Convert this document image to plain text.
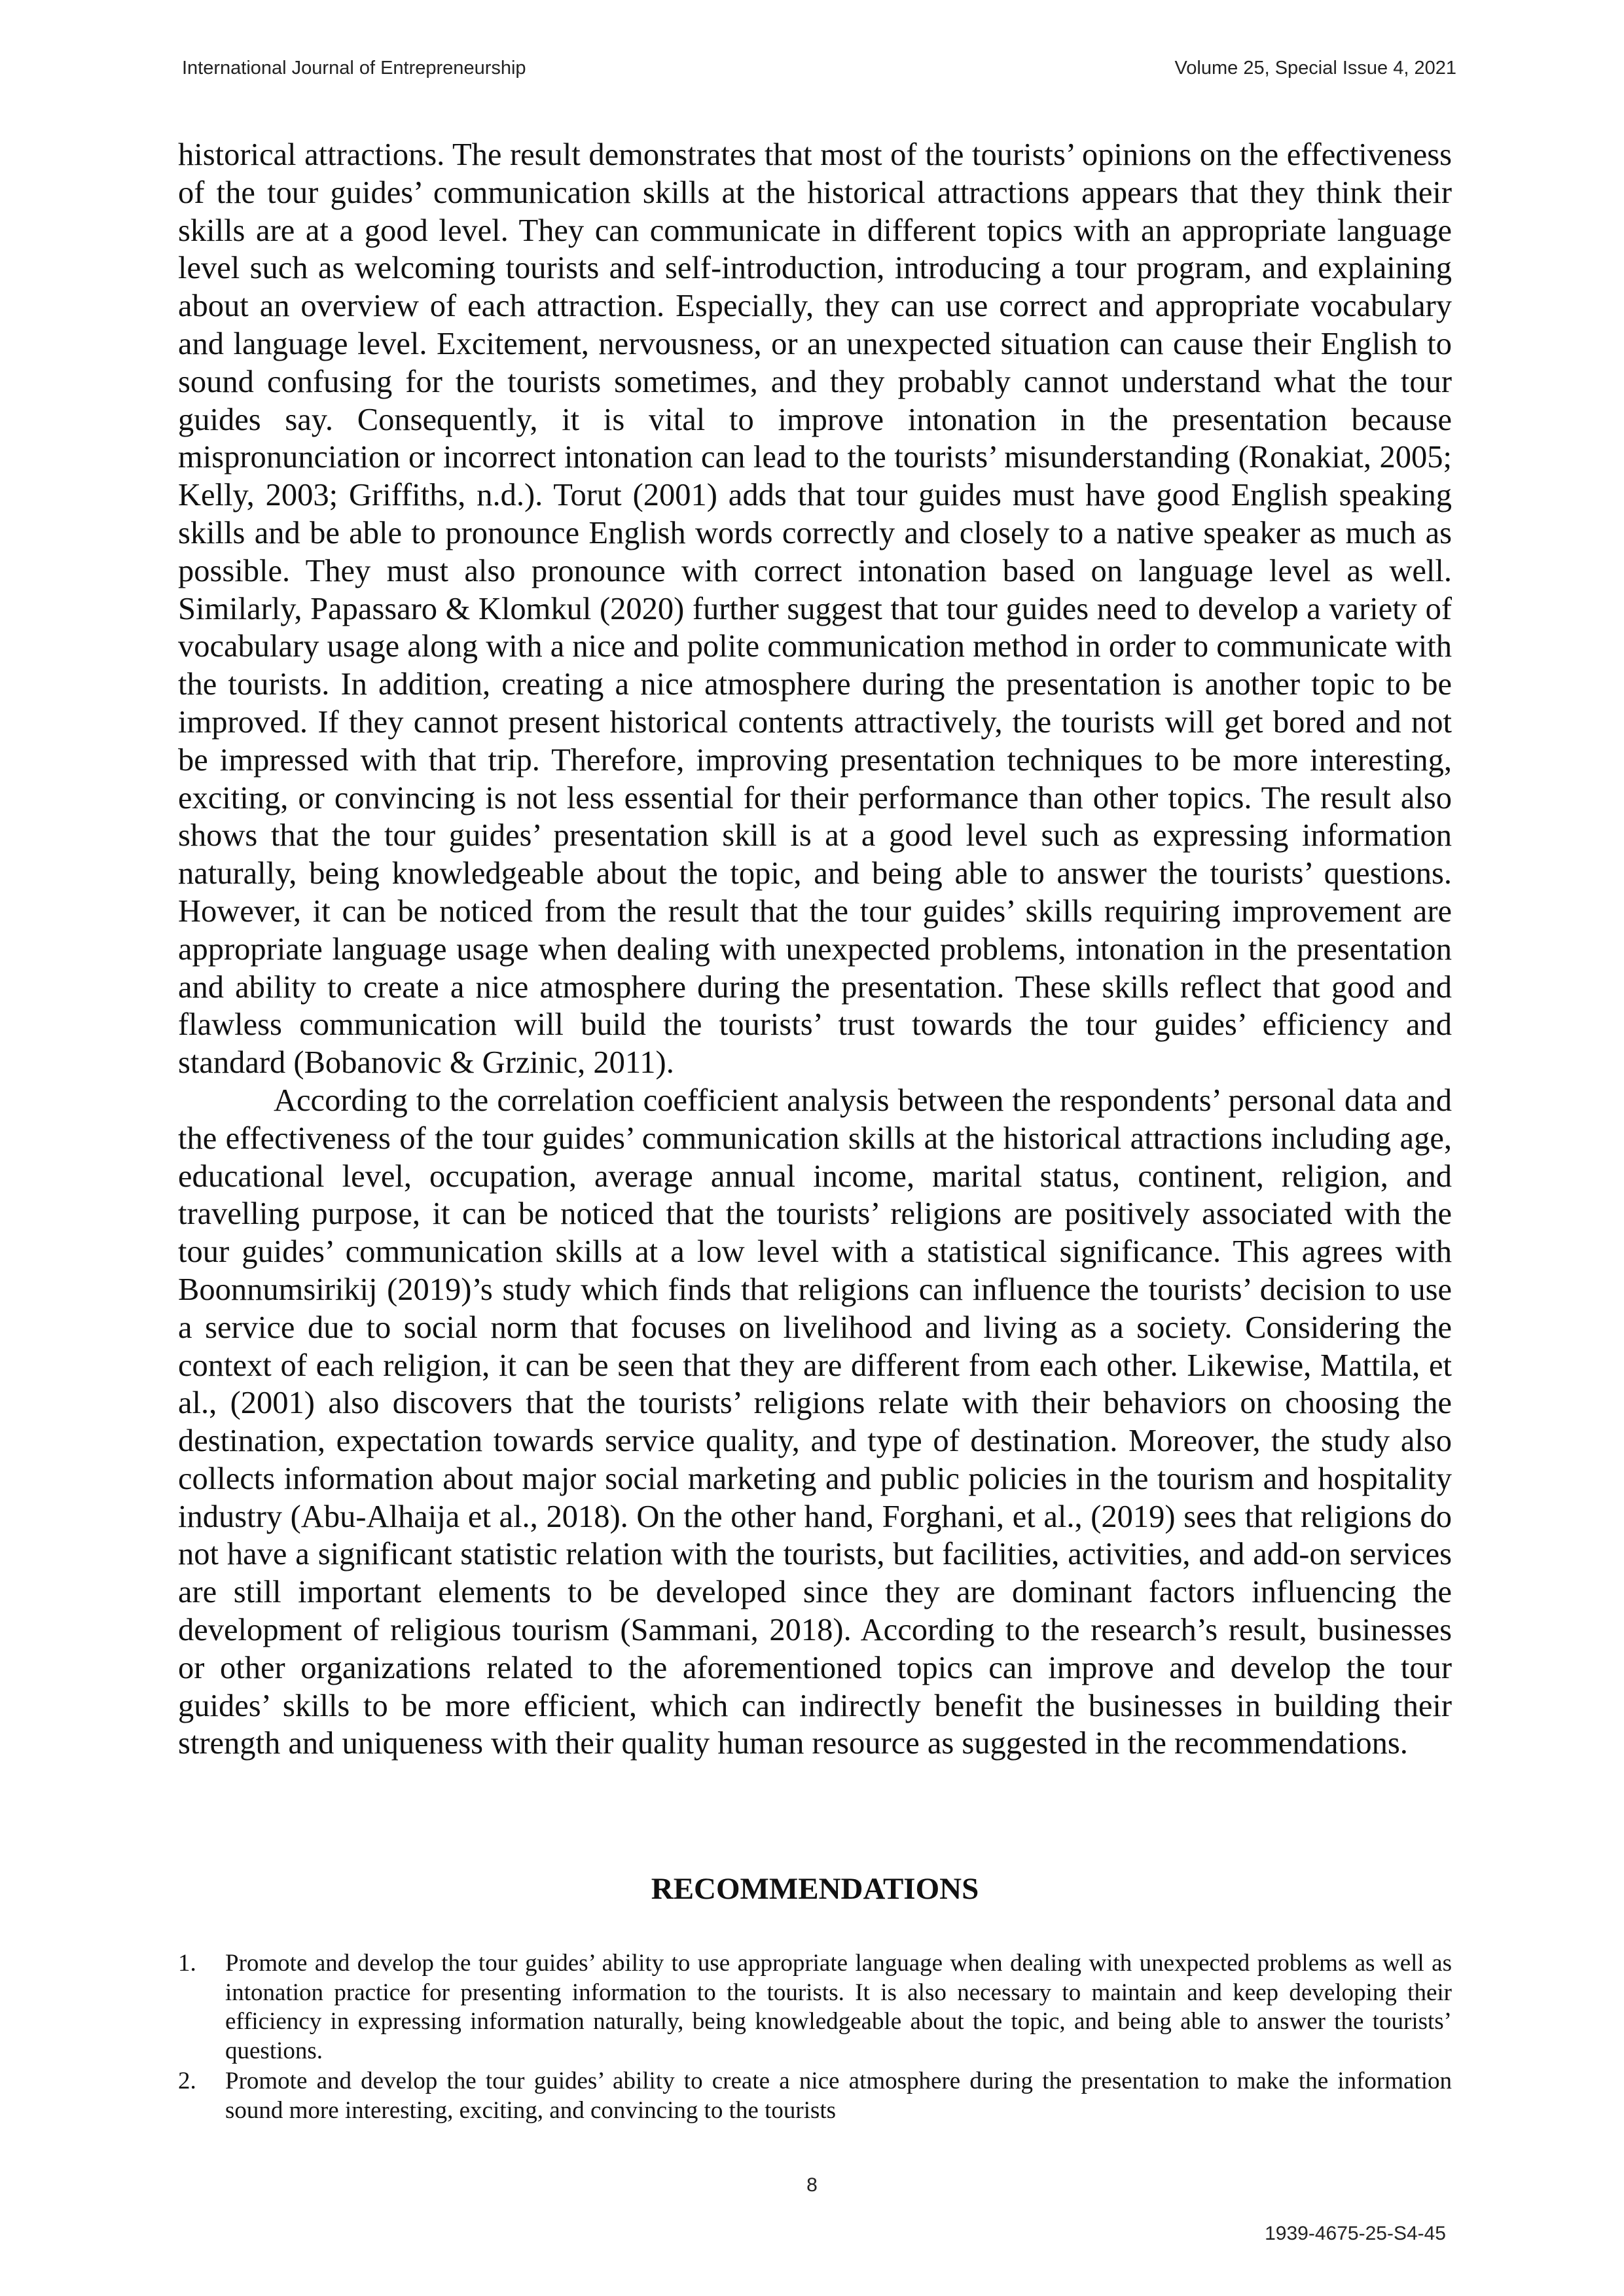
International Journal of Entrepreneurship	Volume 25, Special Issue 4, 2021

historical attractions. The result demonstrates that most of the tourists’ opinions on the effectiveness of the tour guides’ communication skills at the historical attractions appears that they think their skills are at a good level. They can communicate in different topics with an appropriate language level such as welcoming tourists and self-introduction, introducing a tour program, and explaining about an overview of each attraction. Especially, they can use correct and appropriate vocabulary and language level. Excitement, nervousness, or an unexpected situation can cause their English to sound confusing for the tourists sometimes, and they probably cannot understand what the tour guides say. Consequently, it is vital to improve intonation in the presentation because mispronunciation or incorrect intonation can lead to the tourists’ misunderstanding (Ronakiat, 2005; Kelly, 2003; Griffiths, n.d.). Torut (2001) adds that tour guides must have good English speaking skills and be able to pronounce English words correctly and closely to a native speaker as much as possible. They must also pronounce with correct intonation based on language level as well. Similarly, Papassaro & Klomkul (2020) further suggest that tour guides need to develop a variety of vocabulary usage along with a nice and polite communication method in order to communicate with the tourists. In addition, creating a nice atmosphere during the presentation is another topic to be improved. If they cannot present historical contents attractively, the tourists will get bored and not be impressed with that trip. Therefore, improving presentation techniques to be more interesting, exciting, or convincing is not less essential for their performance than other topics. The result also shows that the tour guides’ presentation skill is at a good level such as expressing information naturally, being knowledgeable about the topic, and being able to answer the tourists’ questions. However, it can be noticed from the result that the tour guides’ skills requiring improvement are appropriate language usage when dealing with unexpected problems, intonation in the presentation and ability to create a nice atmosphere during the presentation. These skills reflect that good and flawless communication will build the tourists’ trust towards the tour guides’ efficiency and standard (Bobanovic & Grzinic, 2011).

According to the correlation coefficient analysis between the respondents’ personal data and the effectiveness of the tour guides’ communication skills at the historical attractions including age, educational level, occupation, average annual income, marital status, continent, religion, and travelling purpose, it can be noticed that the tourists’ religions are positively associated with the tour guides’ communication skills at a low level with a statistical significance. This agrees with Boonnumsirikij (2019)’s study which finds that religions can influence the tourists’ decision to use a service due to social norm that focuses on livelihood and living as a society. Considering the context of each religion, it can be seen that they are different from each other. Likewise, Mattila, et al., (2001) also discovers that the tourists’ religions relate with their behaviors on choosing the destination, expectation towards service quality, and type of destination. Moreover, the study also collects information about major social marketing and public policies in the tourism and hospitality industry (Abu-Alhaija et al., 2018). On the other hand, Forghani, et al., (2019) sees that religions do not have a significant statistic relation with the tourists, but facilities, activities, and add-on services are still important elements to be developed since they are dominant factors influencing the development of religious tourism (Sammani, 2018). According to the research’s result, businesses or other organizations related to the aforementioned topics can improve and develop the tour guides’ skills to be more efficient, which can indirectly benefit the businesses in building their strength and uniqueness with their quality human resource as suggested in the recommendations.

RECOMMENDATIONS
1.	Promote and develop the tour guides’ ability to use appropriate language when dealing with unexpected problems as well as intonation practice for presenting information to the tourists. It is also necessary to maintain and keep developing their efficiency in expressing information naturally, being knowledgeable about the topic, and being able to answer the tourists’ questions.
2.	Promote and develop the tour guides’ ability to create a nice atmosphere during the presentation to make the information sound more interesting, exciting, and convincing to the tourists

8

1939-4675-25-S4-45
